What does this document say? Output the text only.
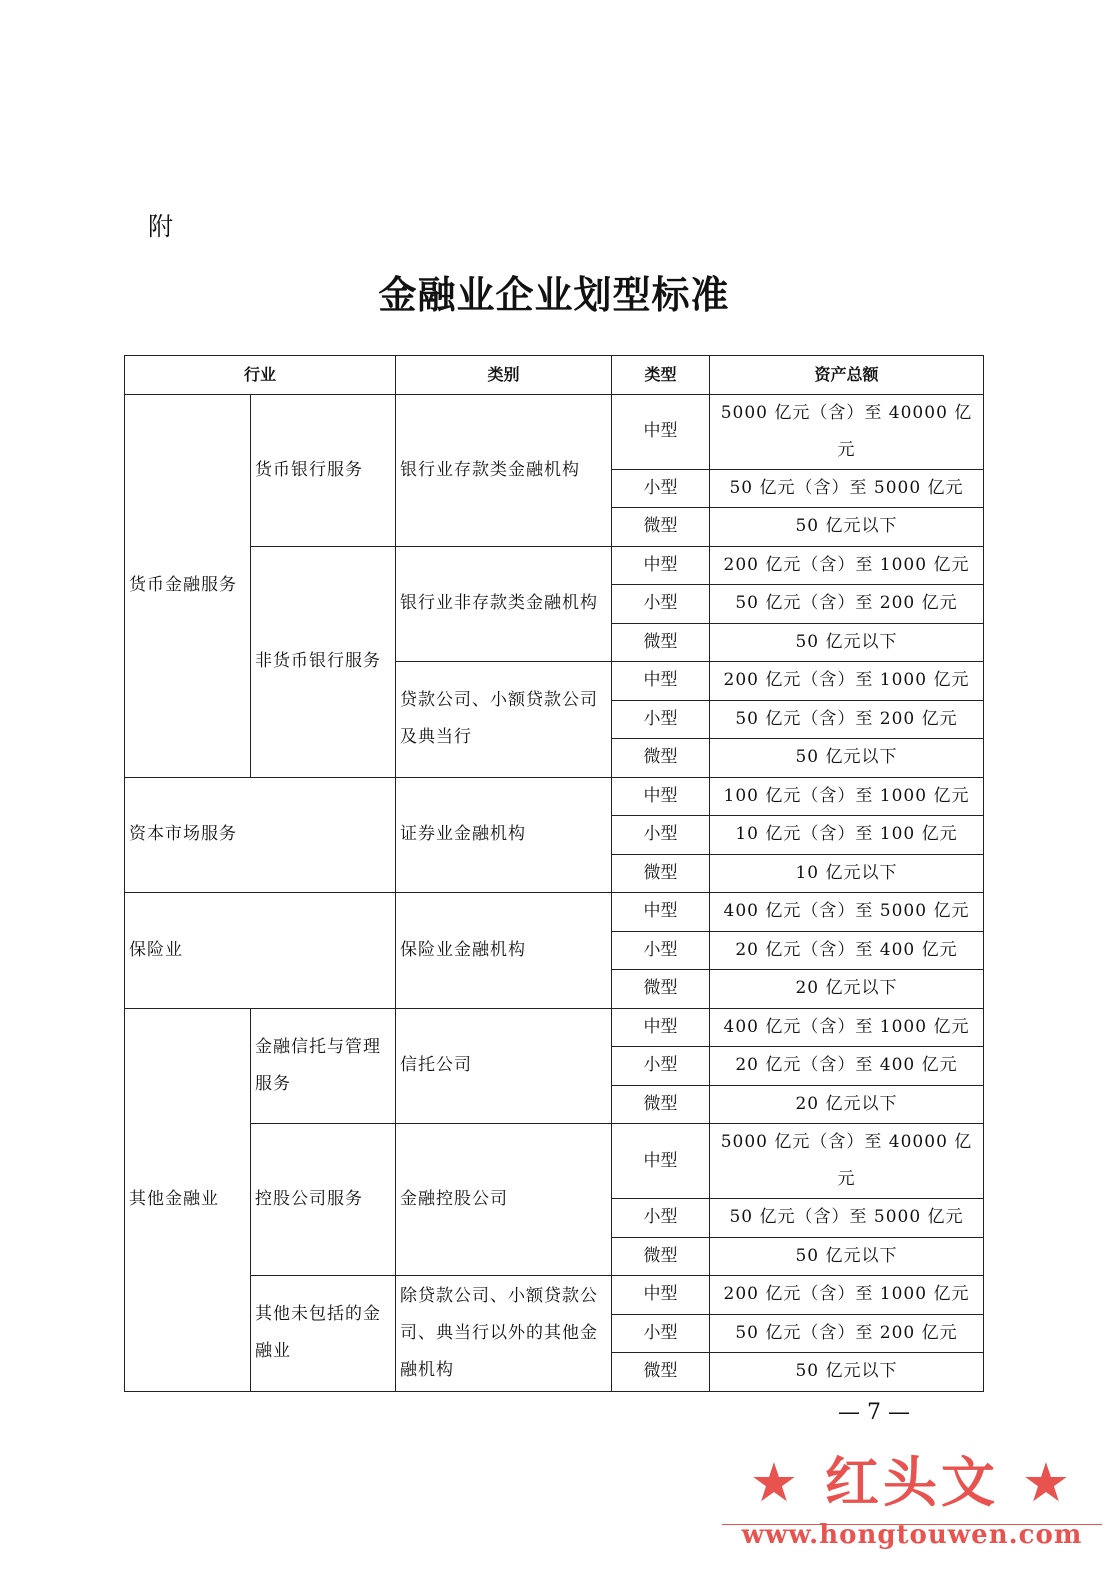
附
金融业企业划型标准
行业		类别	类型	资产总额
货币金融服务	货币银行服务	银行业存款类金融机构	中型	5000 亿元（含）至 40000 亿元
			小型	50 亿元（含）至 5000 亿元
			微型	50 亿元以下
	非货币银行服务	银行业非存款类金融机构	中型	200 亿元（含）至 1000 亿元
			小型	50 亿元（含）至 200 亿元
			微型	50 亿元以下
		贷款公司、小额贷款公司及典当行	中型	200 亿元（含）至 1000 亿元
			小型	50 亿元（含）至 200 亿元
			微型	50 亿元以下
资本市场服务		证券业金融机构	中型	100 亿元（含）至 1000 亿元
			小型	10 亿元（含）至 100 亿元
			微型	10 亿元以下
保险业		保险业金融机构	中型	400 亿元（含）至 5000 亿元
			小型	20 亿元（含）至 400 亿元
			微型	20 亿元以下
其他金融业	金融信托与管理服务	信托公司	中型	400 亿元（含）至 1000 亿元
			小型	20 亿元（含）至 400 亿元
			微型	20 亿元以下
	控股公司服务	金融控股公司	中型	5000 亿元（含）至 40000 亿元
			小型	50 亿元（含）至 5000 亿元
			微型	50 亿元以下
	其他未包括的金融业	除贷款公司、小额贷款公司、典当行以外的其他金融机构	中型	200 亿元（含）至 1000 亿元
			小型	50 亿元（含）至 200 亿元
			微型	50 亿元以下
— 7 —
★ 红头文 ★
www.hongtouwen.com
